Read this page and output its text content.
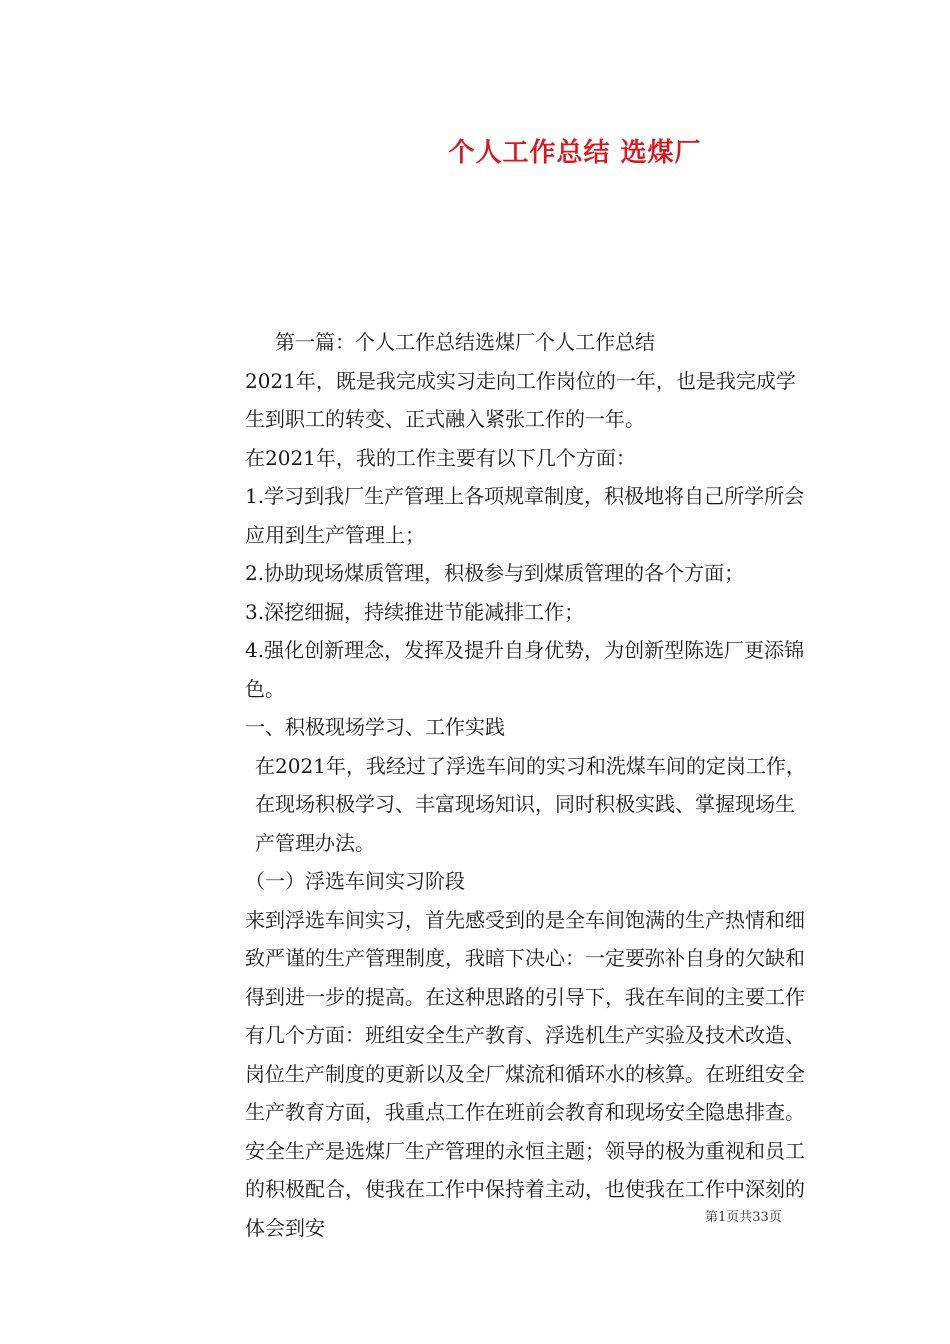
个人工作总结 选煤厂

第一篇：个人工作总结选煤厂个人工作总结

2021年，既是我完成实习走向工作岗位的一年，也是我完成学生到职工的转变、正式融入紧张工作的一年。

在2021年，我的工作主要有以下几个方面：

1.学习到我厂生产管理上各项规章制度，积极地将自己所学所会应用到生产管理上；

2.协助现场煤质管理，积极参与到煤质管理的各个方面；

3.深挖细掘，持续推进节能减排工作；

4.强化创新理念，发挥及提升自身优势，为创新型陈选厂更添锦色。

一、积极现场学习、工作实践

在2021年，我经过了浮选车间的实习和洗煤车间的定岗工作，在现场积极学习、丰富现场知识，同时积极实践、掌握现场生产管理办法。

（一）浮选车间实习阶段

来到浮选车间实习，首先感受到的是全车间饱满的生产热情和细致严谨的生产管理制度，我暗下决心：一定要弥补自身的欠缺和得到进一步的提高。在这种思路的引导下，我在车间的主要工作有几个方面：班组安全生产教育、浮选机生产实验及技术改造、岗位生产制度的更新以及全厂煤流和循环水的核算。在班组安全生产教育方面，我重点工作在班前会教育和现场安全隐患排查。安全生产是选煤厂生产管理的永恒主题；领导的极为重视和员工的积极配合，使我在工作中保持着主动，也使我在工作中深刻的体会到安	第1页共33页
